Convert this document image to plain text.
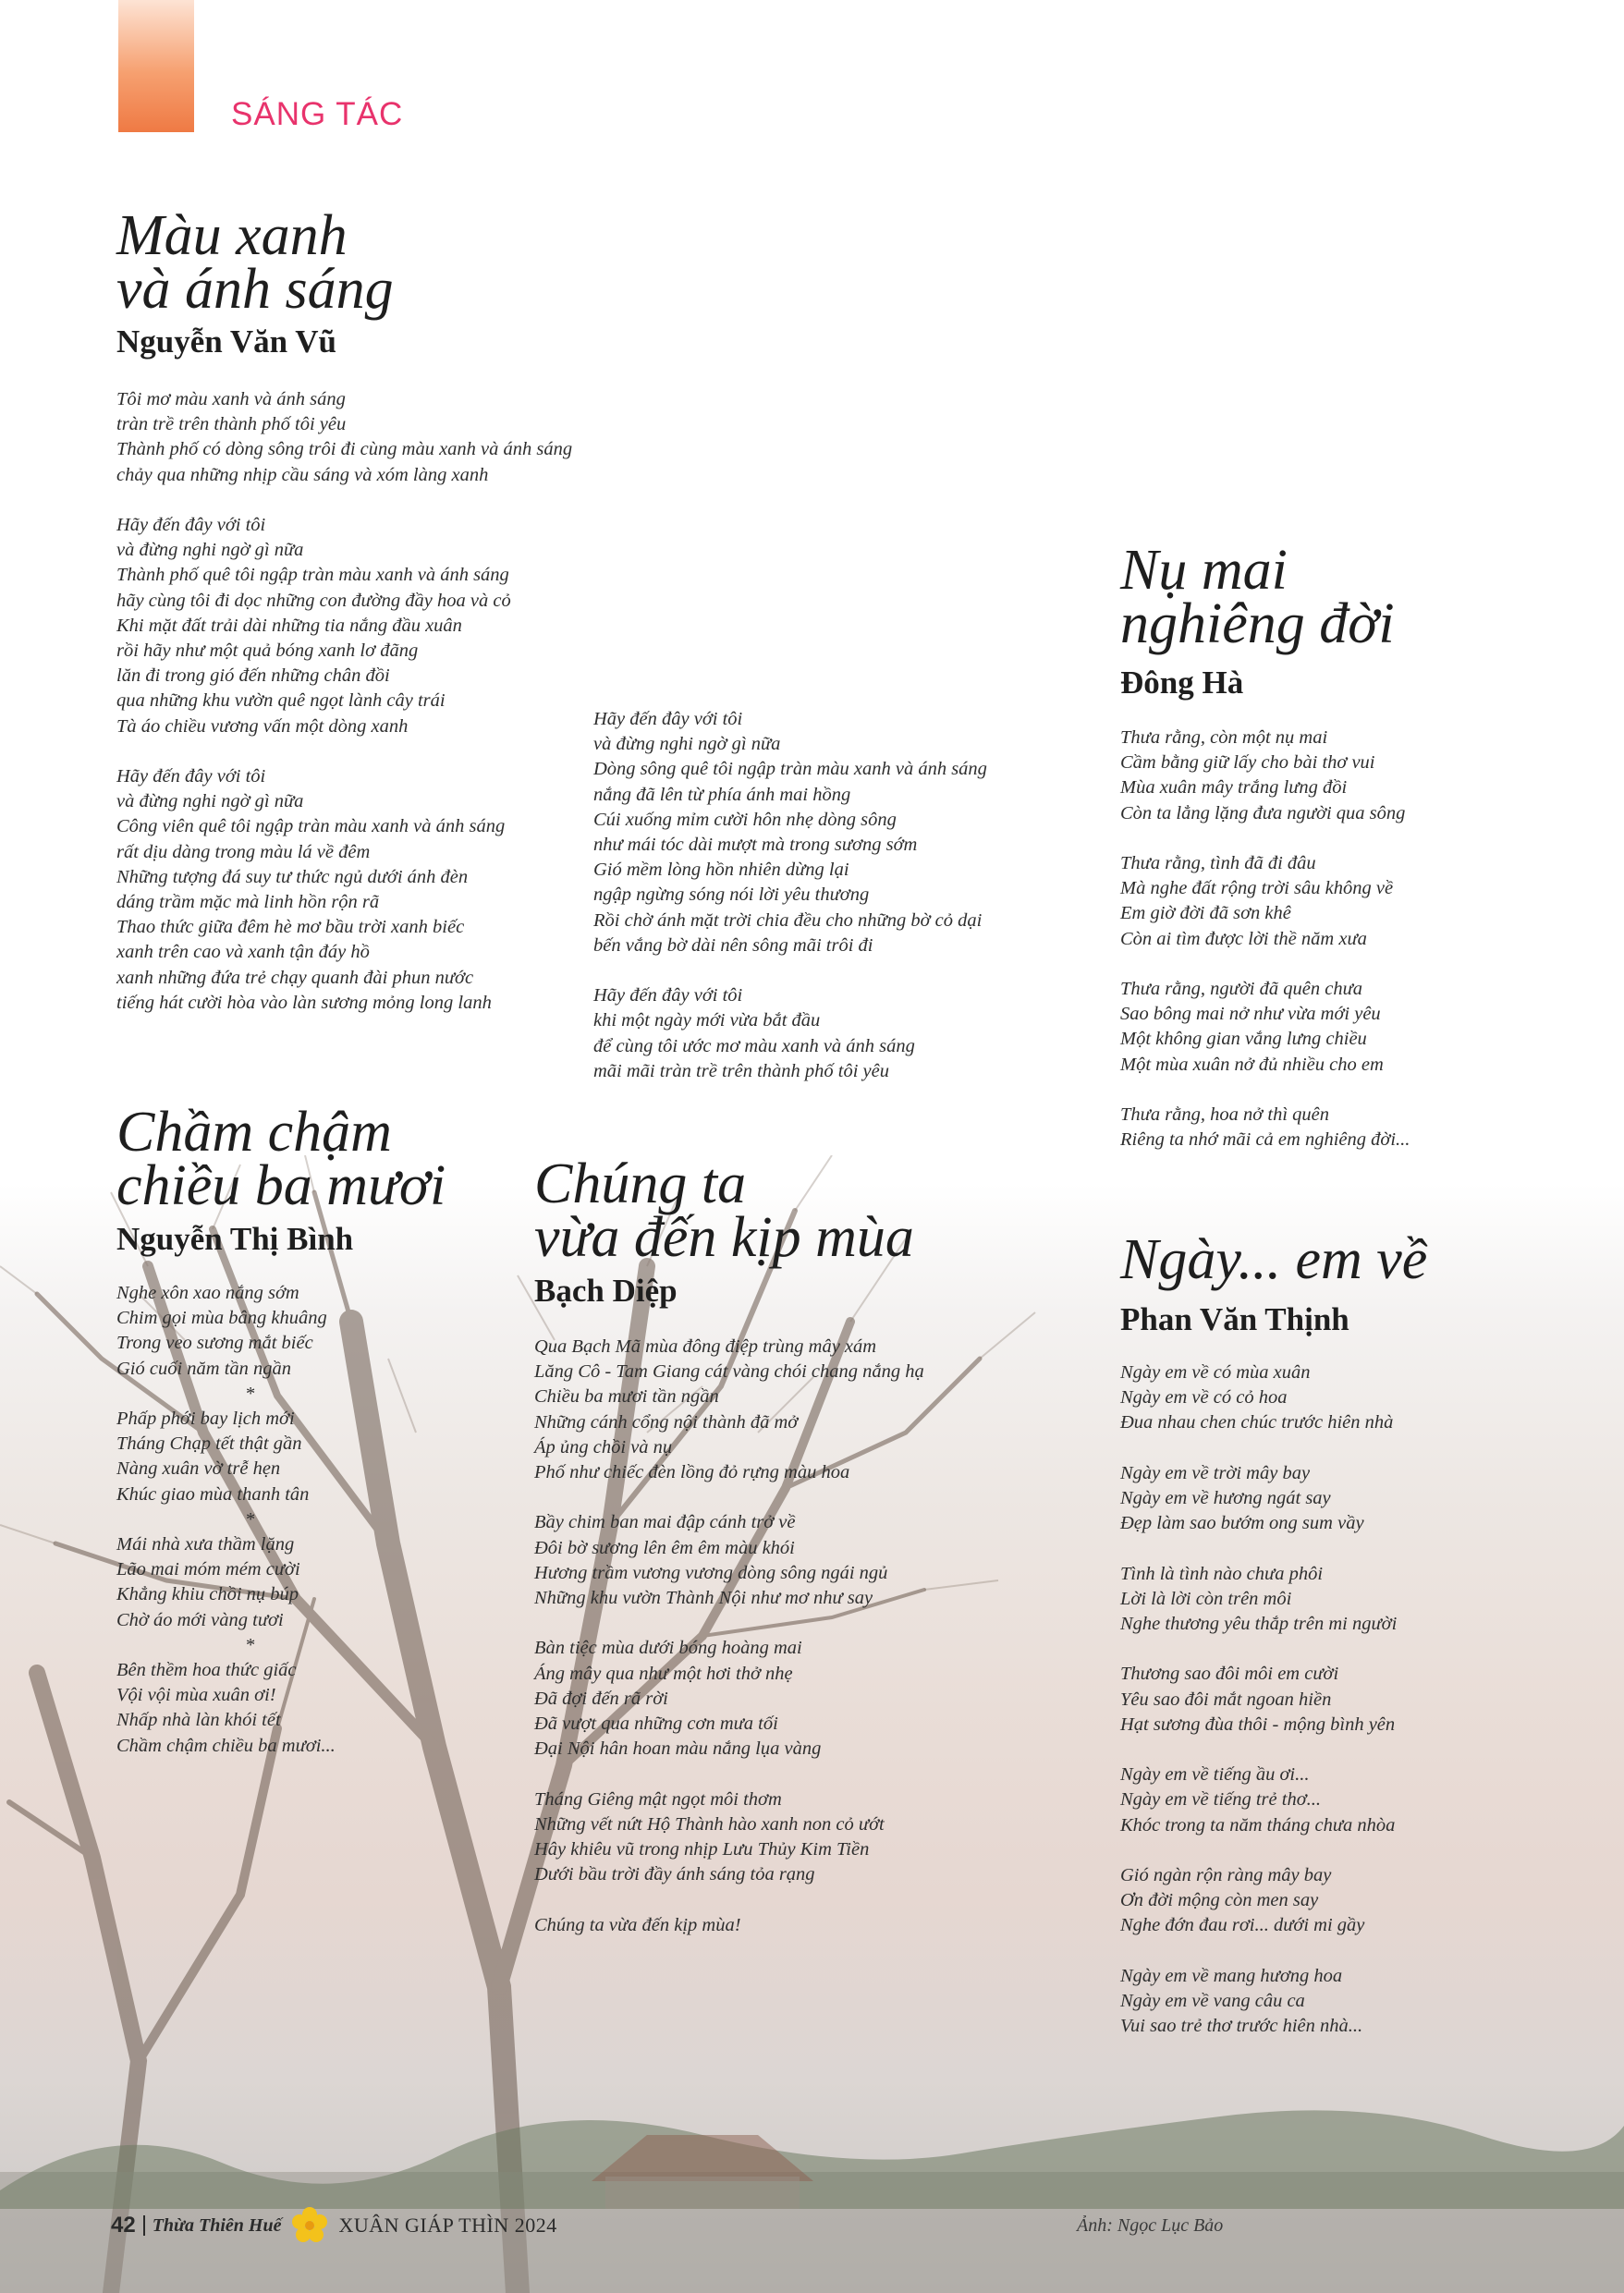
SÁNG TÁC
Màu xanh
và ánh sáng
Nguyễn Văn Vũ

Tôi mơ màu xanh và ánh sáng
tràn trề trên thành phố tôi yêu
Thành phố có dòng sông trôi đi cùng màu xanh và ánh sáng
chảy qua những nhịp cầu sáng và xóm làng xanh

Hãy đến đây với tôi
và đừng nghi ngờ gì nữa
Thành phố quê tôi ngập tràn màu xanh và ánh sáng
hãy cùng tôi đi dọc những con đường đầy hoa và cỏ
Khi mặt đất trải dài những tia nắng đầu xuân
rồi hãy như một quả bóng xanh lơ đãng
lăn đi trong gió đến những chân đồi
qua những khu vườn quê ngọt lành cây trái
Tà áo chiều vương vấn một dòng xanh

Hãy đến đây với tôi
và đừng nghi ngờ gì nữa
Công viên quê tôi ngập tràn màu xanh và ánh sáng
rất dịu dàng trong màu lá về đêm
Những tượng đá suy tư thức ngủ dưới ánh đèn
dáng trầm mặc mà linh hồn rộn rã
Thao thức giữa đêm hè mơ bầu trời xanh biếc
xanh trên cao và xanh tận đáy hồ
xanh những đứa trẻ chạy quanh đài phun nước
tiếng hát cười hòa vào làn sương mỏng long lanh

Hãy đến đây với tôi
và đừng nghi ngờ gì nữa
Dòng sông quê tôi ngập tràn màu xanh và ánh sáng
nắng đã lên từ phía ánh mai hồng
Cúi xuống mỉm cười hôn nhẹ dòng sông
như mái tóc dài mượt mà trong sương sớm
Gió mềm lòng hồn nhiên dừng lại
ngập ngừng sóng nói lời yêu thương
Rồi chờ ánh mặt trời chia đều cho những bờ cỏ dại
bến vắng bờ dài nên sông mãi trôi đi

Hãy đến đây với tôi
khi một ngày mới vừa bắt đầu
để cùng tôi ước mơ màu xanh và ánh sáng
mãi mãi tràn trề trên thành phố tôi yêu

Nụ mai
nghiêng đời
Đông Hà

Thưa rằng, còn một nụ mai
Cầm bằng giữ lấy cho bài thơ vui
Mùa xuân mây trắng lưng đồi
Còn ta lẳng lặng đưa người qua sông

Thưa rằng, tình đã đi đâu
Mà nghe đất rộng trời sâu không về
Em giờ đời đã sơn khê
Còn ai tìm được lời thề năm xưa

Thưa rằng, người đã quên chưa
Sao bông mai nở như vừa mới yêu
Một không gian vắng lưng chiều
Một mùa xuân nở đủ nhiều cho em

Thưa rằng, hoa nở thì quên
Riêng ta nhớ mãi cả em nghiêng đời...

Chầm chậm
chiều ba mươi
Nguyễn Thị Bình

Nghe xôn xao nắng sớm
Chim gọi mùa bâng khuâng
Trong veo sương mắt biếc
Gió cuối năm tần ngần
*

Phấp phới bay lịch mới
Tháng Chạp tết thật gần
Nàng xuân vờ trễ hẹn
Khúc giao mùa thanh tân
*

Mái nhà xưa thầm lặng
Lão mai móm mém cười
Khẳng khiu chồi nụ búp
Chờ áo mới vàng tươi
*

Bên thềm hoa thức giấc
Vội vội mùa xuân ơi!
Nhấp nhà làn khói tết
Chầm chậm chiều ba mươi...

Chúng ta
vừa đến kịp mùa
Bạch Diệp

Qua Bạch Mã mùa đông điệp trùng mây xám
Lăng Cô - Tam Giang cát vàng chói chang nắng hạ
Chiều ba mươi tần ngần
Những cánh cổng nội thành đã mở
Áp ủng chồi và nụ
Phố như chiếc đèn lồng đỏ rựng màu hoa

Bầy chim ban mai đập cánh trở về
Đôi bờ sương lên êm êm màu khói
Hương trầm vương vương dòng sông ngái ngủ
Những khu vườn Thành Nội như mơ như say

Bàn tiệc mùa dưới bóng hoàng mai
Áng mây qua như một hơi thở nhẹ
Đã đợi đến rã rời
Đã vượt qua những cơn mưa tối
Đại Nội hân hoan màu nắng lụa vàng

Tháng Giêng mật ngọt môi thơm
Những vết nứt Hộ Thành hào xanh non cỏ ướt
Hây khiêu vũ trong nhịp Lưu Thủy Kim Tiền
Dưới bầu trời đầy ánh sáng tỏa rạng

Chúng ta vừa đến kịp mùa!

Ngày... em về
Phan Văn Thịnh

Ngày em về có mùa xuân
Ngày em về có cỏ hoa
Đua nhau chen chúc trước hiên nhà

Ngày em về trời mây bay
Ngày em về hương ngát say
Đẹp làm sao bướm ong sum vầy

Tình là tình nào chưa phôi
Lời là lời còn trên môi
Nghe thương yêu thắp trên mi người

Thương sao đôi môi em cười
Yêu sao đôi mắt ngoan hiền
Hạt sương đùa thôi - mộng bình yên

Ngày em về tiếng ầu ơi...
Ngày em về tiếng trẻ thơ...
Khóc trong ta năm tháng chưa nhòa

Gió ngàn rộn ràng mây bay
Ơn đời mộng còn men say
Nghe đớn đau rơi... dưới mi gầy

Ngày em về mang hương hoa
Ngày em về vang câu ca
Vui sao trẻ thơ trước hiên nhà...

42 Thừa Thiên Huế	XUÂN GIÁP THÌN 2024	Ảnh: Ngọc Lục Bảo
